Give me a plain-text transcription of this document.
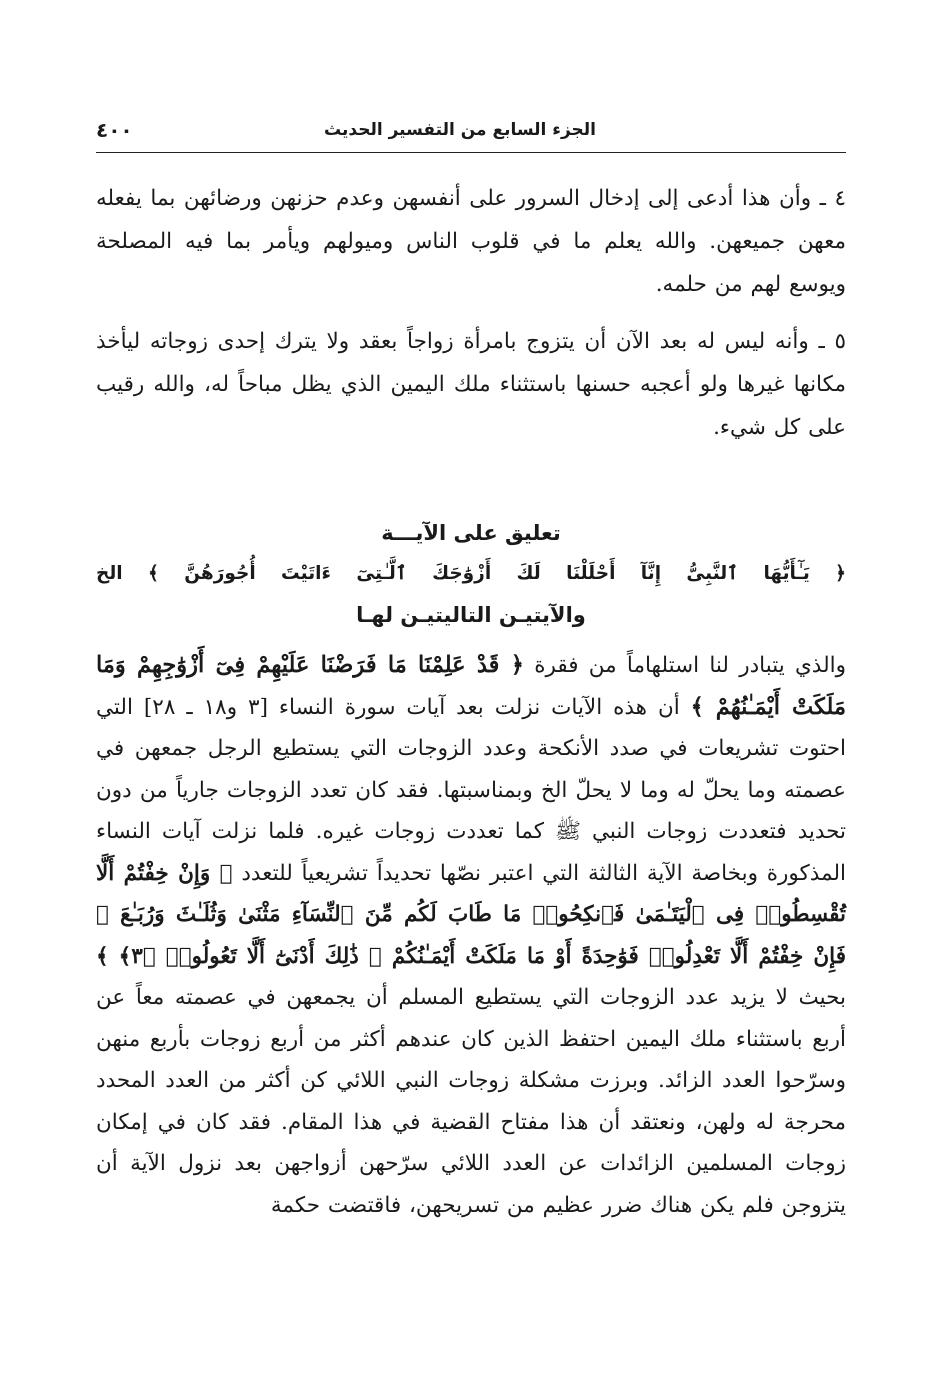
الجزء السابع من التفسير الحديث
٤٠٠

٤ ـ وأن هذا أدعى إلى إدخال السرور على أنفسهن وعدم حزنهن ورضائهن بما يفعله معهن جميعهن. والله يعلم ما في قلوب الناس وميولهم ويأمر بما فيه المصلحة ويوسع لهم من حلمه.

٥ ـ وأنه ليس له بعد الآن أن يتزوج بامرأة زواجاً بعقد ولا يترك إحدى زوجاته ليأخذ مكانها غيرها ولو أعجبه حسنها باستثناء ملك اليمين الذي يظل مباحاً له، والله رقيب على كل شيء.

تعليق على الآيـــة
﴿ يَـٰٓأَيُّهَا ٱلنَّبِىُّ إِنَّآ أَحْلَلْنَا لَكَ أَزْوَٰجَكَ ٱلَّـٰتِىٓ ءَاتَيْتَ أُجُورَهُنَّ ﴾ الخ
والآيتيـن التاليتيـن لهـا

والذي يتبادر لنا استلهاماً من فقرة ﴿ قَدْ عَلِمْنَا مَا فَرَضْنَا عَلَيْهِمْ فِىٓ أَزْوَٰجِهِمْ وَمَا مَلَكَتْ أَيْمَـٰنُهُمْ ﴾ أن هذه الآيات نزلت بعد آيات سورة النساء [٣ و١٨ ـ ٢٨] التي احتوت تشريعات في صدد الأنكحة وعدد الزوجات التي يستطيع الرجل جمعهن في عصمته وما يحلّ له وما لا يحلّ الخ وبمناسبتها. فقد كان تعدد الزوجات جارياً من دون تحديد فتعددت زوجات النبي ﷺ كما تعددت زوجات غيره. فلما نزلت آيات النساء المذكورة وبخاصة الآية الثالثة التي اعتبر نصّها تحديداً تشريعياً للتعدد ﴿ وَإِنْ خِفْتُمْ أَلَّا تُقْسِطُوا۟ فِى ٱلْيَتَـٰمَىٰ فَٱنكِحُوا۟ مَا طَابَ لَكُم مِّنَ ٱلنِّسَآءِ مَثْنَىٰ وَثُلَـٰثَ وَرُبَـٰعَ ۖ فَإِنْ خِفْتُمْ أَلَّا تَعْدِلُوا۟ فَوَٰحِدَةً أَوْ مَا مَلَكَتْ أَيْمَـٰنُكُمْ ۚ ذَٰلِكَ أَدْنَىٰٓ أَلَّا تَعُولُوا۟ ﴿٣﴾ ﴾ بحيث لا يزيد عدد الزوجات التي يستطيع المسلم أن يجمعهن في عصمته معاً عن أربع باستثناء ملك اليمين احتفظ الذين كان عندهم أكثر من أربع زوجات بأربع منهن وسرّحوا العدد الزائد. وبرزت مشكلة زوجات النبي اللائي كن أكثر من العدد المحدد محرجة له ولهن، ونعتقد أن هذا مفتاح القضية في هذا المقام. فقد كان في إمكان زوجات المسلمين الزائدات عن العدد اللائي سرّحهن أزواجهن بعد نزول الآية أن يتزوجن فلم يكن هناك ضرر عظيم من تسريحهن، فاقتضت حكمة
